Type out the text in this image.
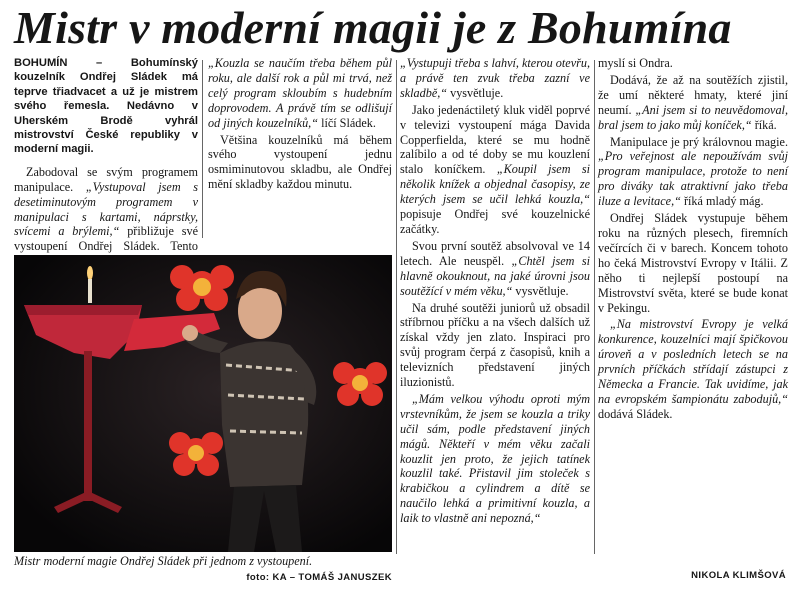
Mistr v moderní magii je z Bohumína

BOHUMÍN – Bohumínský kouzelník Ondřej Sládek má teprve třiadvacet a už je mistrem svého řemesla. Nedávno v Uherském Brodě vyhrál mistrovství České republiky v moderní magii.

Zabodoval se svým programem manipulace. „Vystupoval jsem s desetiminutovým programem v manipulaci s kartami, náprstky, svícemi a brýlemi,“ přibližuje své vystoupení Ondřej Sládek. Tento

„Kouzla se naučím třeba během půl roku, ale další rok a půl mi trvá, než celý program skloubím s hudebním doprovodem. A právě tím se odlišují od jiných kouzelníků,“ líčí Sládek.

Většina kouzelníků má během svého vystoupení jednu osmiminutovou skladbu, ale Ondřej mění skladby každou minutu.

Mistr moderní magie Ondřej Sládek při jednom z vystoupení.

foto: KA – TOMÁŠ JANUSZEK

„Vystupuji třeba s lahví, kterou otevřu, a právě ten zvuk třeba zazní ve skladbě,“ vysvětluje.

Jako jedenáctiletý kluk viděl poprvé v televizi vystoupení mága Davida Copperfielda, které se mu hodně zalíbilo a od té doby se mu kouzlení stalo koníčkem. „Koupil jsem si několik knížek a objednal časopisy, ze kterých jsem se učil lehká kouzla,“ popisuje Ondřej své kouzelnické začátky.

Svou první soutěž absolvoval ve 14 letech. Ale neuspěl. „Chtěl jsem si hlavně okouknout, na jaké úrovni jsou soutěžící v mém věku,“ vysvětluje.

Na druhé soutěži juniorů už obsadil stříbrnou příčku a na všech dalších už získal vždy jen zlato. Inspiraci pro svůj program čerpá z časopisů, knih a televizních představení jiných iluzionistů.

„Mám velkou výhodu oproti mým vrstevníkům, že jsem se kouzla a triky učil sám, podle představení jiných mágů. Někteří v mém věku začali kouzlit jen proto, že jejich tatínek kouzlil také. Přistavil jim stoleček s krabičkou a cylindrem a dítě se naučilo lehká a primitivní kouzla, a laik to vlastně ani nepozná,“

myslí si Ondra.

Dodává, že až na soutěžích zjistil, že umí některé hmaty, které jiní neumí. „Ani jsem si to neuvědomoval, bral jsem to jako můj koníček,“ říká.

Manipulace je prý královnou magie. „Pro veřejnost ale nepoužívám svůj program manipulace, protože to není pro diváky tak atraktivní jako třeba iluze a levitace,“ říká mladý mág.

Ondřej Sládek vystupuje během roku na různých plesech, firemních večírcích či v barech. Koncem tohoto ho čeká Mistrovství Evropy v Itálii. Z něho ti nejlepší postoupí na Mistrovství světa, které se bude konat v Pekingu.

„Na mistrovství Evropy je velká konkurence, kouzelníci mají špičkovou úroveň a v posledních letech se na prvních příčkách střídají zástupci z Německa a Francie. Tak uvidíme, jak na evropském šampionátu zabodujů,“ dodává Sládek.

NIKOLA KLIMŠOVÁ
